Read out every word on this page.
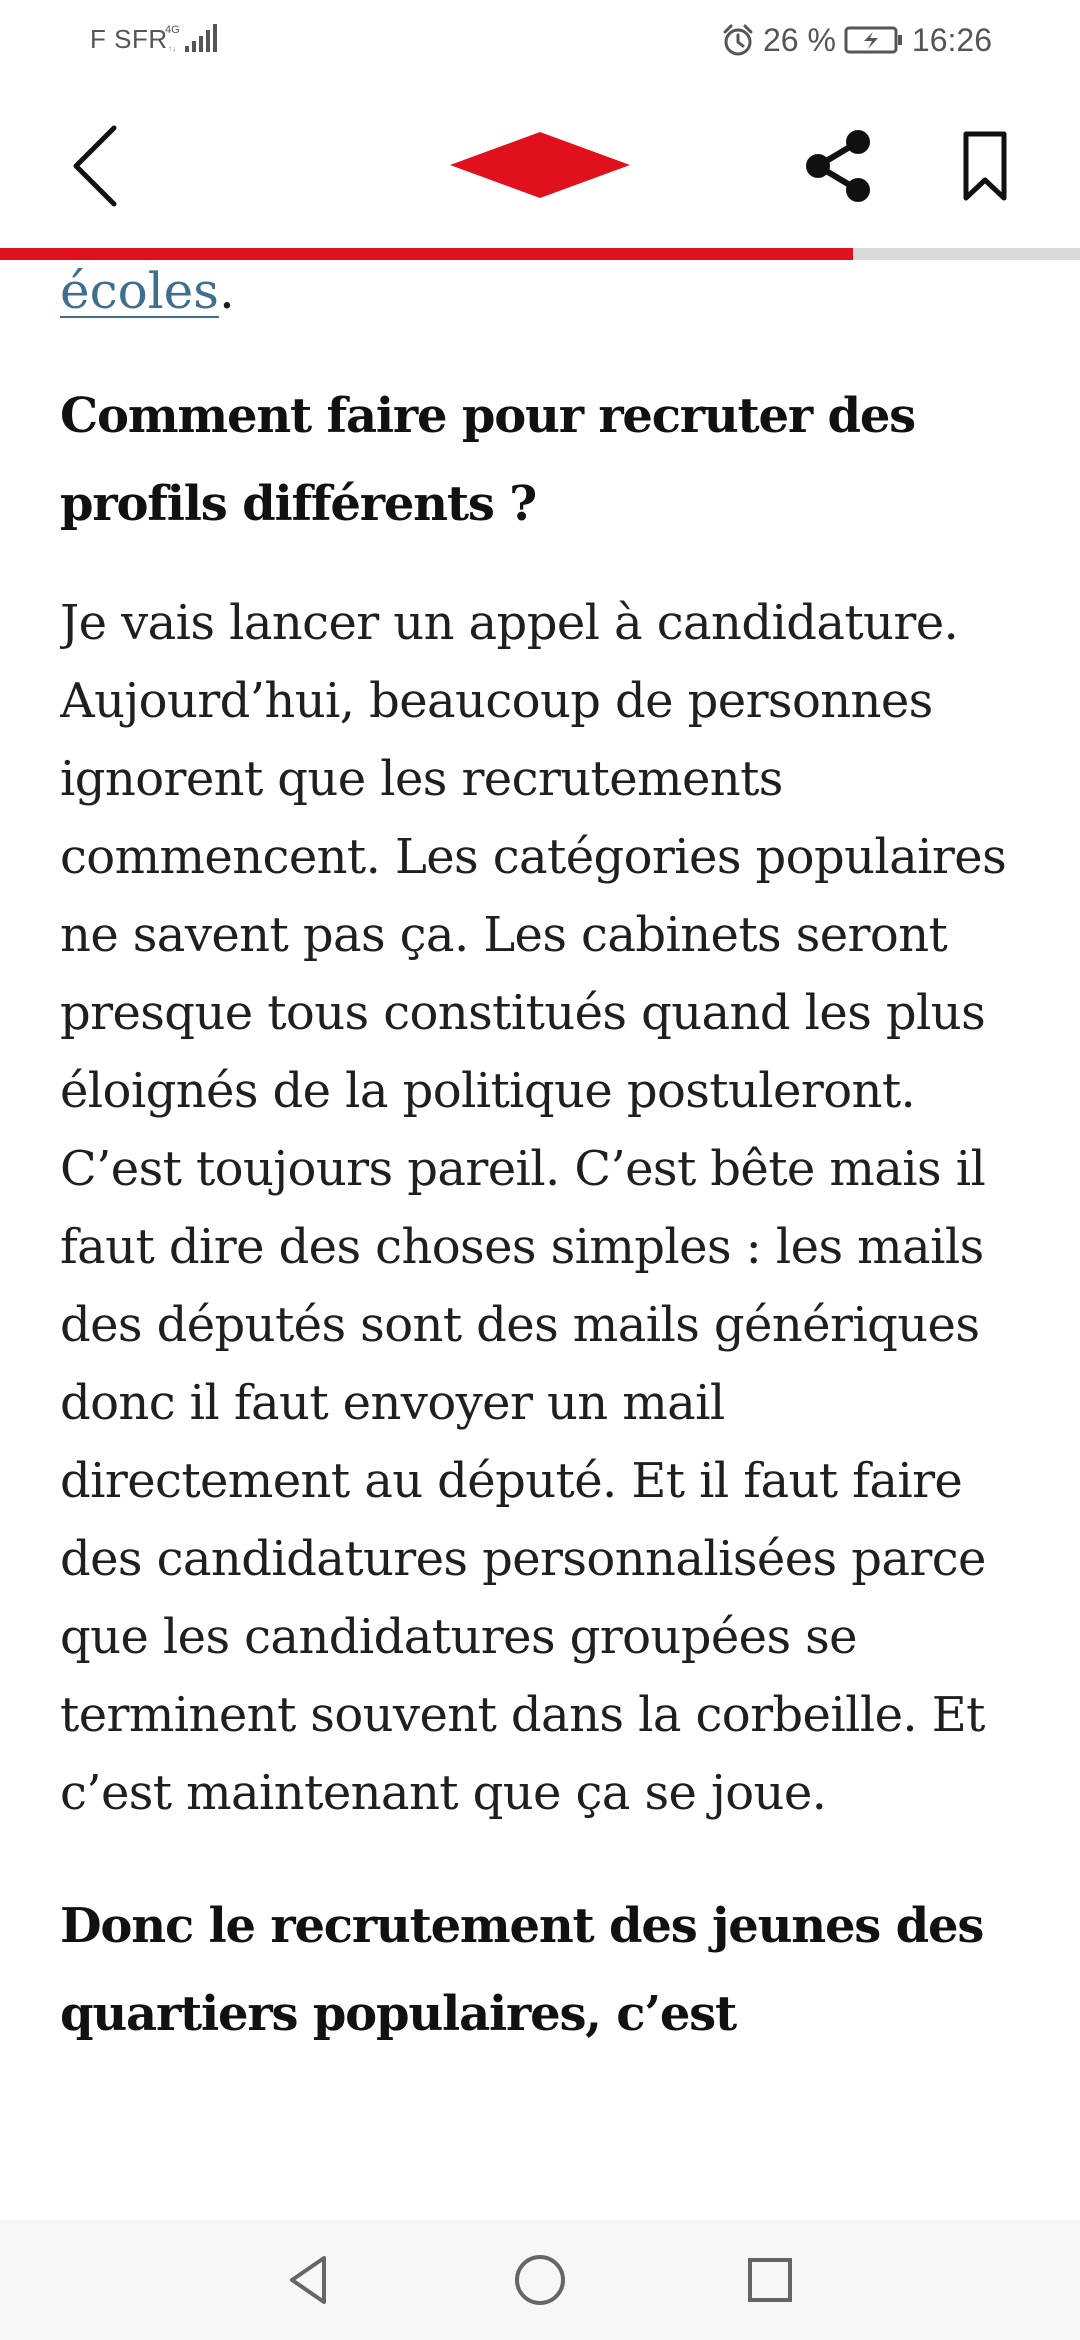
F SFR
4G
↑↓	26 % 16:26

écoles.

Comment faire pour recruter des profils différents ?

Je vais lancer un appel à candidature. Aujourd’hui, beaucoup de personnes ignorent que les recrutements commencent. Les catégories populaires ne savent pas ça. Les cabinets seront presque tous constitués quand les plus éloignés de la politique postuleront. C’est toujours pareil. C’est bête mais il faut dire des choses simples : les mails des députés sont des mails génériques donc il faut envoyer un mail directement au député. Et il faut faire des candidatures personnalisées parce que les candidatures groupées se terminent souvent dans la corbeille. Et c’est maintenant que ça se joue.

Donc le recrutement des jeunes des quartiers populaires, c’est
